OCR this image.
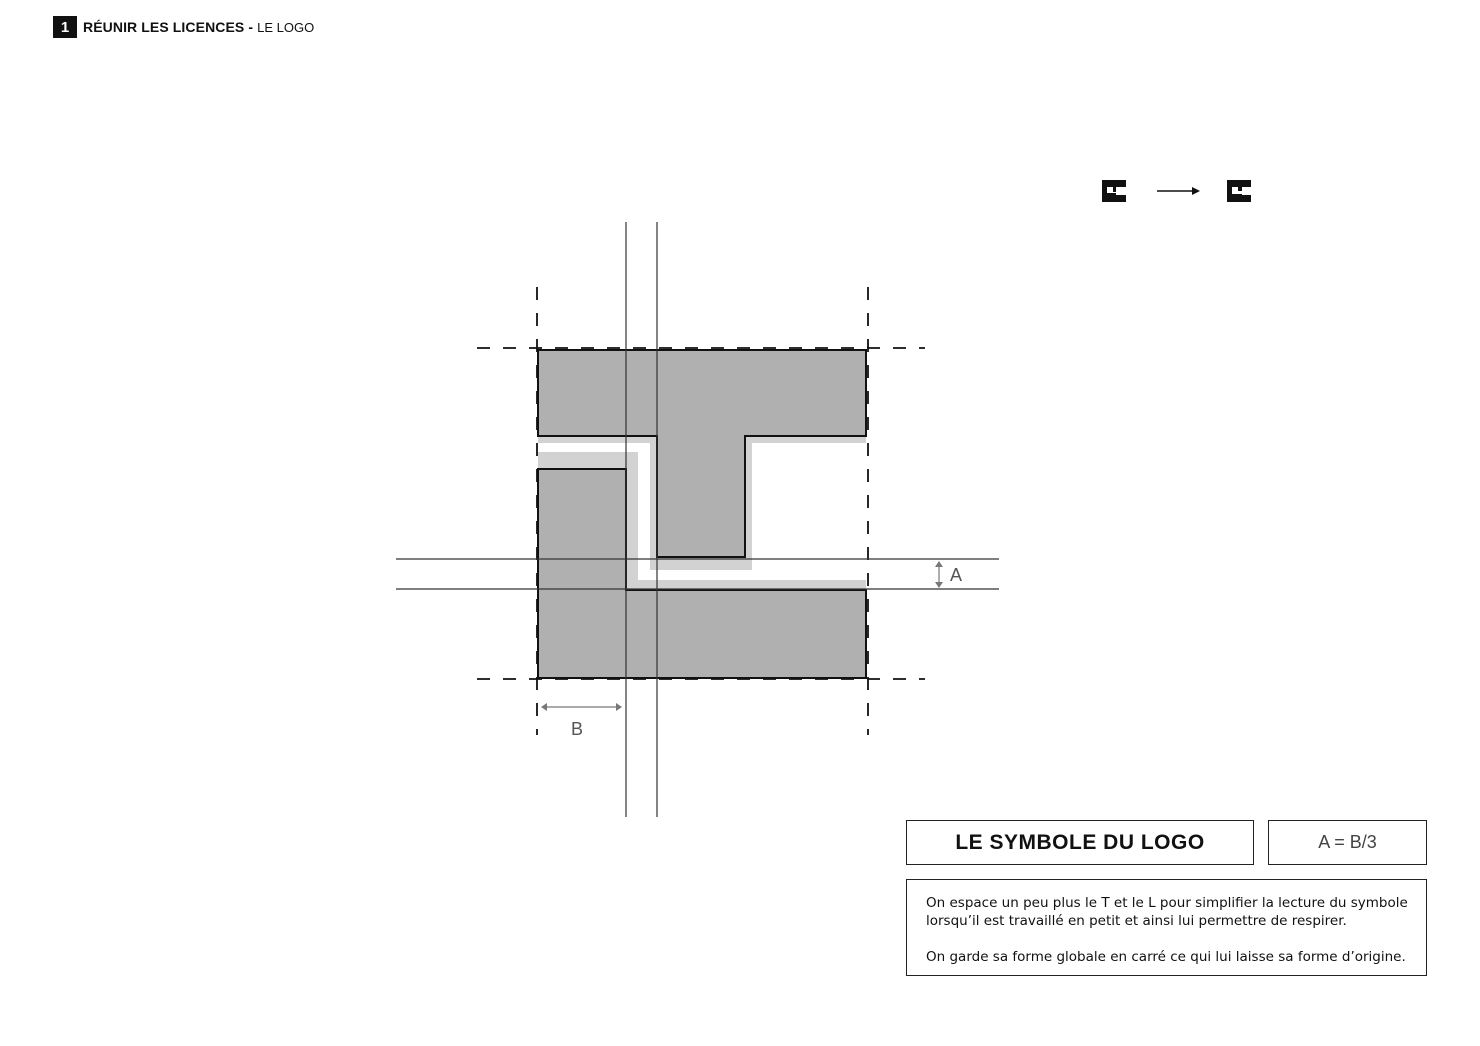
1 RÉUNIR LES LICENCES - LE LOGO
A
B
LE SYMBOLE DU LOGO	A = B/3

On espace un peu plus le T et le L pour simplifier la lecture du symbole lorsqu’il est travaillé en petit et ainsi lui permettre de respirer.

On garde sa forme globale en carré ce qui lui laisse sa forme d’origine.
